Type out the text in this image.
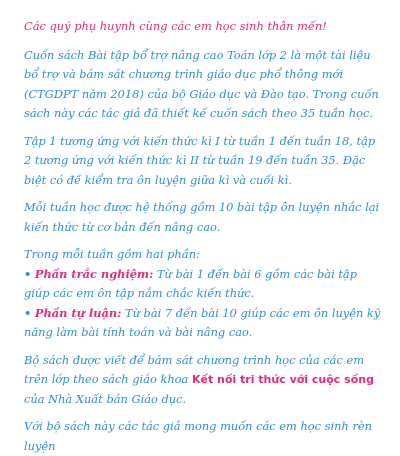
Các quý phụ huynh cùng các em học sinh thân mến!

Cuốn sách Bài tập bổ trợ nâng cao Toán lớp 2 là một tài liệu bổ trợ và bám sát chương trình giáo dục phổ thông mới (CTGDPT năm 2018) của bộ Giáo dục và Đào tạo. Trong cuốn sách này các tác giả đã thiết kế cuốn sách theo 35 tuần học.

Tập 1 tương ứng với kiến thức kì I từ tuần 1 đến tuần 18, tập 2 tương ứng với kiến thức kì II từ tuần 19 đến tuần 35. Đặc biệt có đề kiểm tra ôn luyện giữa kì và cuối kì.

Mỗi tuần học được hệ thống gồm 10 bài tập ôn luyện nhắc lại kiến thức từ cơ bản đến nâng cao.

Trong mỗi tuần gồm hai phần:

• Phần trắc nghiệm: Từ bài 1 đến bài 6 gồm các bài tập giúp các em ôn tập nắm chắc kiến thức.

• Phần tự luận: Từ bài 7 đến bài 10 giúp các em ôn luyện kỹ năng làm bài tính toán và bài nâng cao.

Bộ sách được viết để bám sát chương trình học của các em trên lớp theo sách giáo khoa Kết nối tri thức với cuộc sống của Nhà Xuất bản Giáo dục.

Với bộ sách này các tác giả mong muốn các em học sinh rèn luyện
